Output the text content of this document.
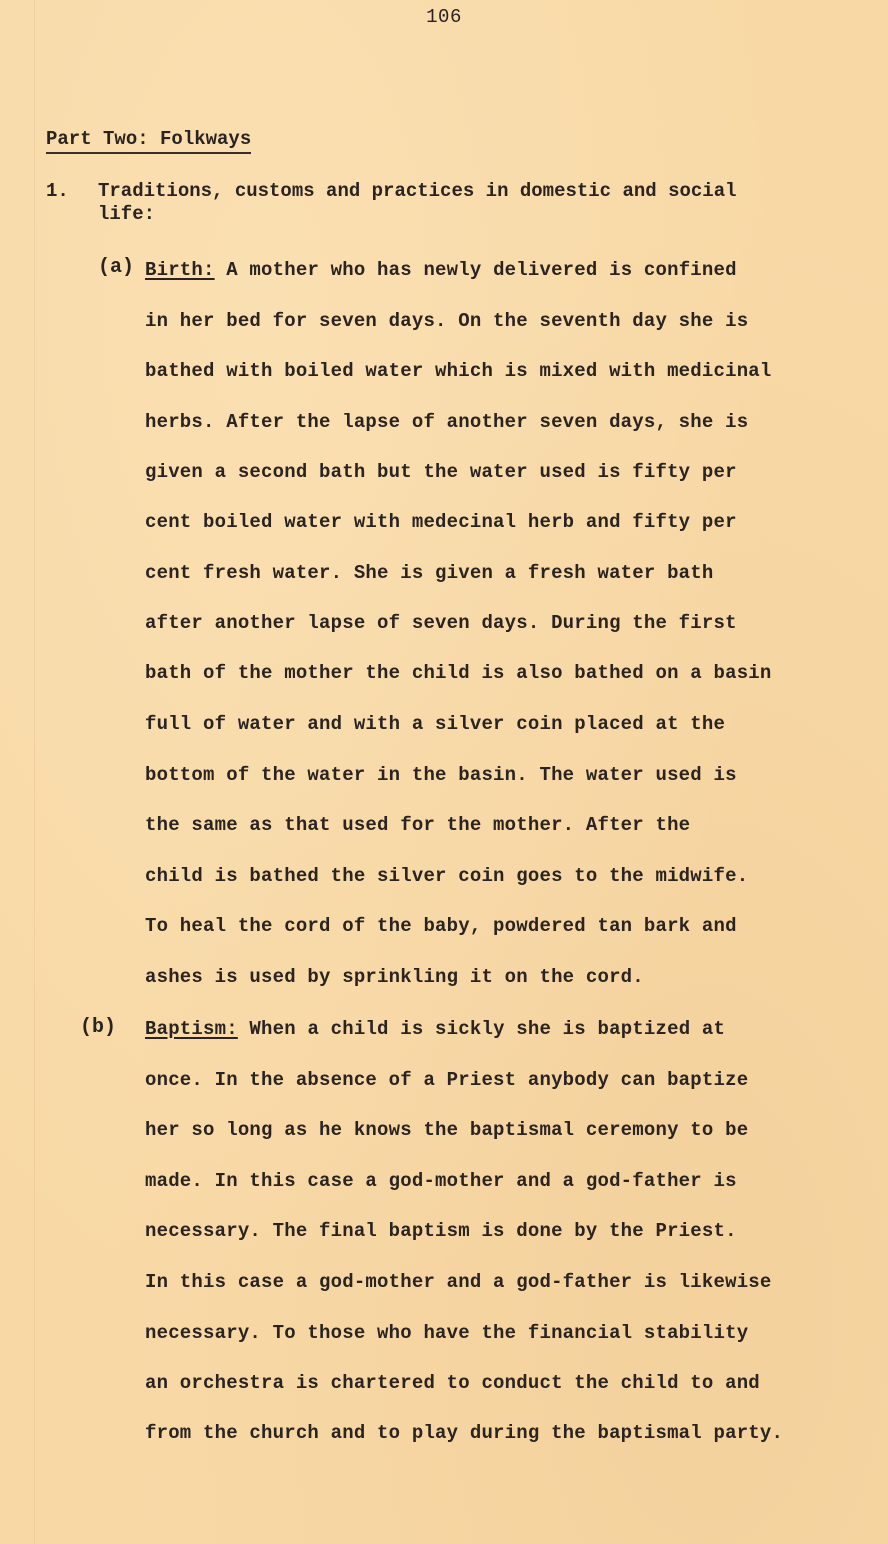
106
Part Two: Folkways
1. Traditions, customs and practices in domestic and social
life:
(a) Birth: A mother who has newly delivered is confined
in her bed for seven days. On the seventh day she is
bathed with boiled water which is mixed with medicinal
herbs. After the lapse of another seven days, she is
given a second bath but the water used is fifty per
cent boiled water with medecinal herb and fifty per
cent fresh water. She is given a fresh water bath
after another lapse of seven days. During the first
bath of the mother the child is also bathed on a basin
full of water and with a silver coin placed at the
bottom of the water in the basin. The water used is
the same as that used for the mother. After the
child is bathed the silver coin goes to the midwife.
To heal the cord of the baby, powdered tan bark and
ashes is used by sprinkling it on the cord.
(b) Baptism: When a child is sickly she is baptized at
once. In the absence of a Priest anybody can baptize
her so long as he knows the baptismal ceremony to be
made. In this case a god-mother and a god-father is
necessary. The final baptism is done by the Priest.
In this case a god-mother and a god-father is likewise
necessary. To those who have the financial stability
an orchestra is chartered to conduct the child to and
from the church and to play during the baptismal party.
